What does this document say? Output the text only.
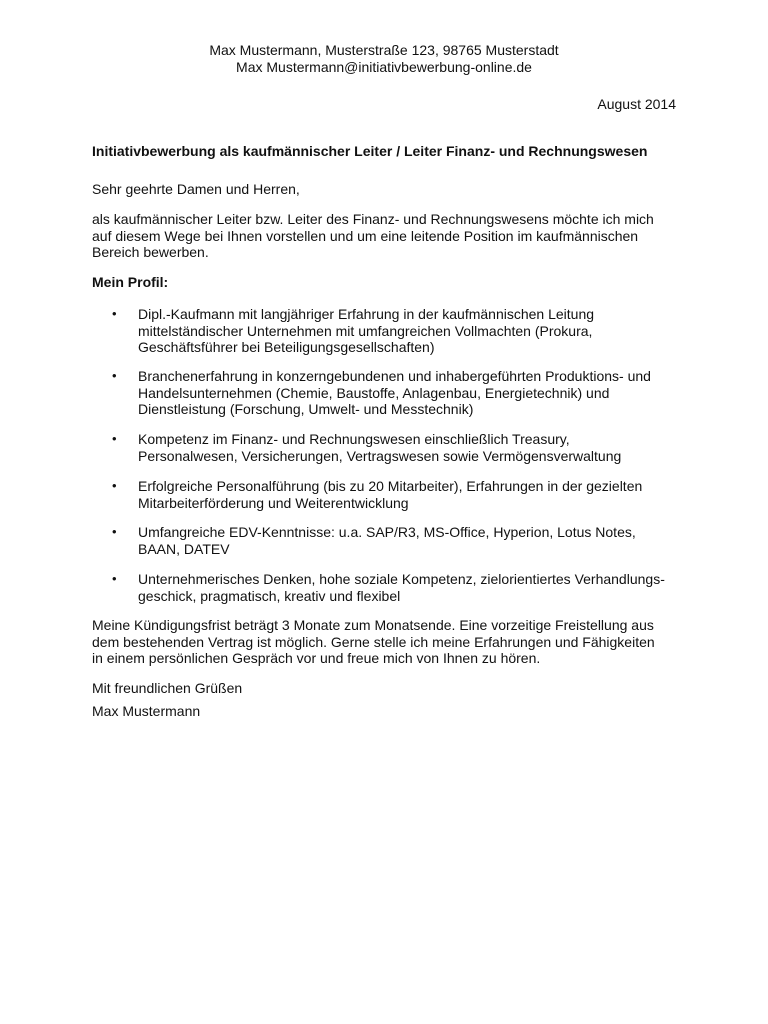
Max Mustermann, Musterstraße 123, 98765 Musterstadt
Max Mustermann@initiativbewerbung-online.de
August 2014
Initiativbewerbung als kaufmännischer Leiter / Leiter Finanz- und Rechnungswesen
Sehr geehrte Damen und Herren,
als kaufmännischer Leiter bzw. Leiter des Finanz- und Rechnungswesens möchte ich mich
auf diesem Wege bei Ihnen vorstellen und um eine leitende Position im kaufmännischen
Bereich bewerben.
Mein Profil:
•	Dipl.-Kaufmann mit langjähriger Erfahrung in der kaufmännischen Leitung
mittelständischer Unternehmen mit umfangreichen Vollmachten (Prokura,
Geschäftsführer bei Beteiligungsgesellschaften)
•	Branchenerfahrung in konzerngebundenen und inhabergeführten Produktions- und
Handelsunternehmen (Chemie, Baustoffe, Anlagenbau, Energietechnik) und
Dienstleistung (Forschung, Umwelt- und Messtechnik)
•	Kompetenz im Finanz- und Rechnungswesen einschließlich Treasury,
Personalwesen, Versicherungen, Vertragswesen sowie Vermögensverwaltung
•	Erfolgreiche Personalführung (bis zu 20 Mitarbeiter), Erfahrungen in der gezielten
Mitarbeiterförderung und Weiterentwicklung
•	Umfangreiche EDV-Kenntnisse: u.a. SAP/R3, MS-Office, Hyperion, Lotus Notes,
BAAN, DATEV
•	Unternehmerisches Denken, hohe soziale Kompetenz, zielorientiertes Verhandlungs-
geschick, pragmatisch, kreativ und flexibel
Meine Kündigungsfrist beträgt 3 Monate zum Monatsende. Eine vorzeitige Freistellung aus
dem bestehenden Vertrag ist möglich. Gerne stelle ich meine Erfahrungen und Fähigkeiten
in einem persönlichen Gespräch vor und freue mich von Ihnen zu hören.
Mit freundlichen Grüßen
Max Mustermann
